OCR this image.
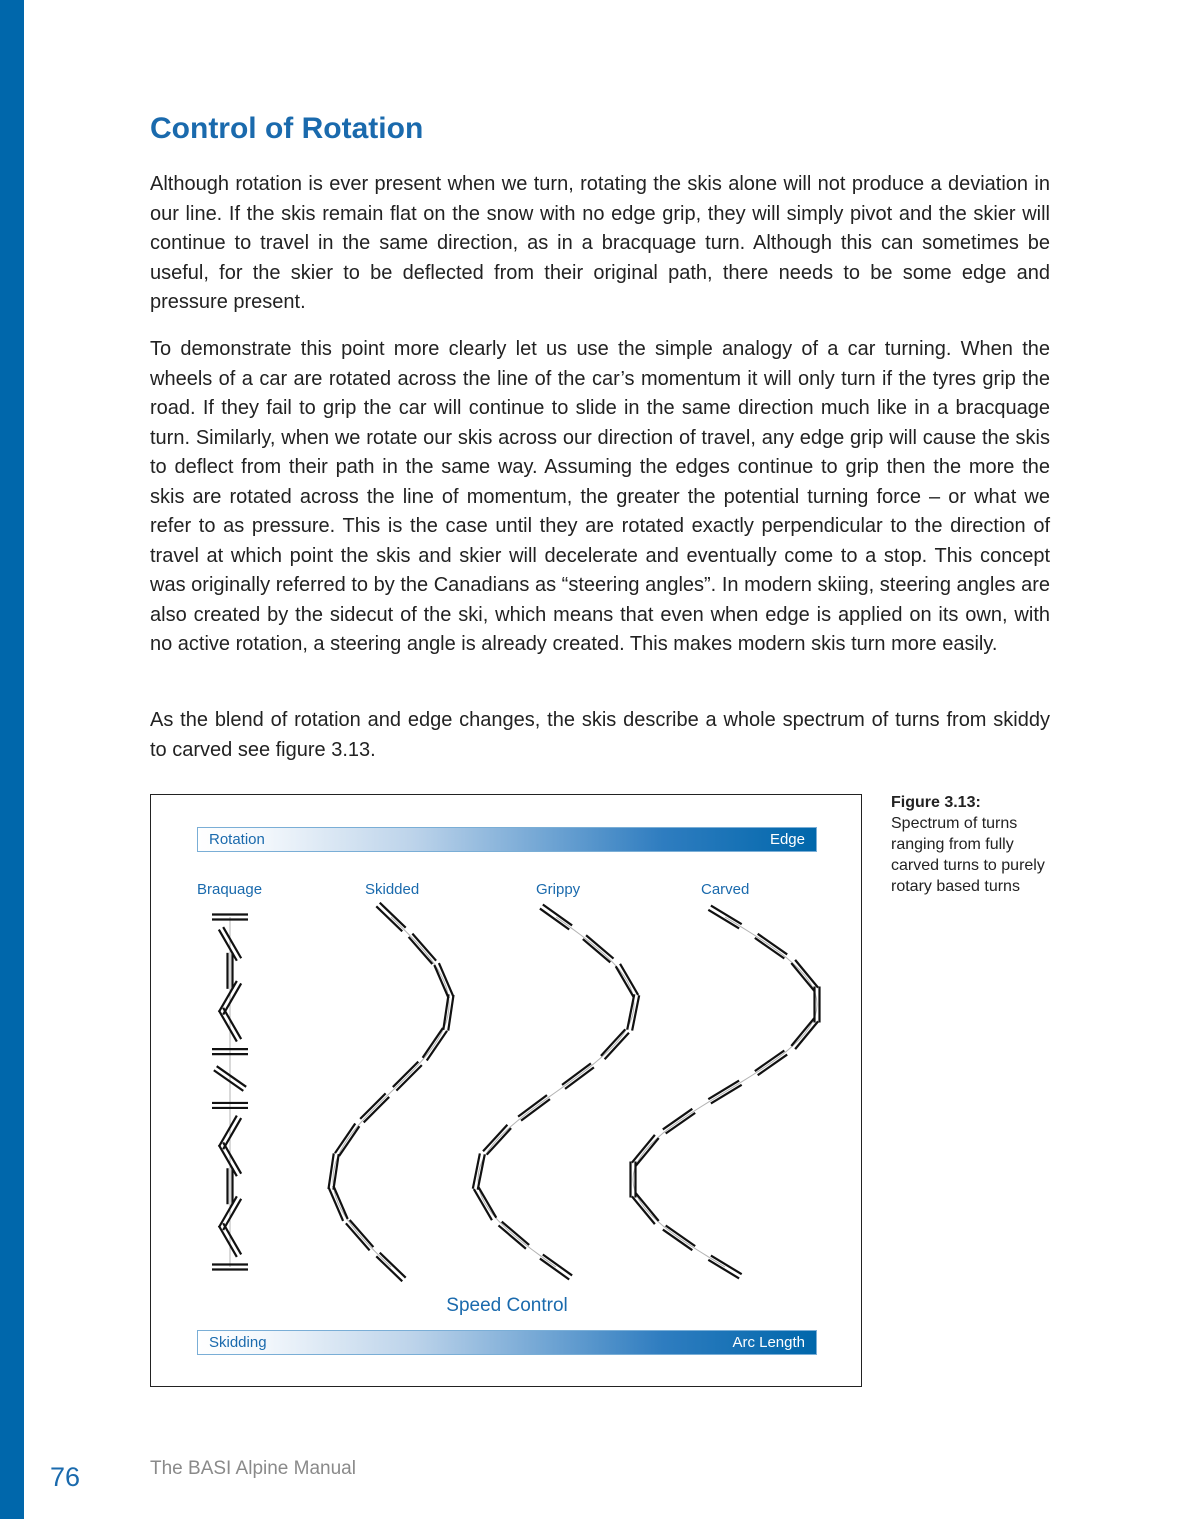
Control of Rotation

Although rotation is ever present when we turn, rotating the skis alone will not produce a deviation in our line. If the skis remain flat on the snow with no edge grip, they will simply pivot and the skier will continue to travel in the same direction, as in a bracquage turn. Although this can sometimes be useful, for the skier to be deflected from their original path, there needs to be some edge and pressure present.

To demonstrate this point more clearly let us use the simple analogy of a car turning. When the wheels of a car are rotated across the line of the car’s momentum it will only turn if the tyres grip the road. If they fail to grip the car will continue to slide in the same direction much like in a bracquage turn. Similarly, when we rotate our skis across our direction of travel, any edge grip will cause the skis to deflect from their path in the same way. Assuming the edges continue to grip then the more the skis are rotated across the line of momentum, the greater the potential turning force – or what we refer to as pressure. This is the case until they are rotated exactly perpendicular to the direction of travel at which point the skis and skier will decelerate and eventually come to a stop. This concept was originally referred to by the Canadians as “steering angles”. In modern skiing, steering angles are also created by the sidecut of the ski, which means that even when edge is applied on its own, with no active rotation, a steering angle is already created. This makes modern skis turn more easily.

As the blend of rotation and edge changes, the skis describe a whole spectrum of turns from skiddy to carved see figure 3.13.

Rotation	Edge
Braquage	Skidded	Grippy	Carved
Speed Control
Skidding	Arc Length
Figure 3.13:
Spectrum of turns ranging from fully carved turns to purely rotary based turns
76	The BASI Alpine Manual
